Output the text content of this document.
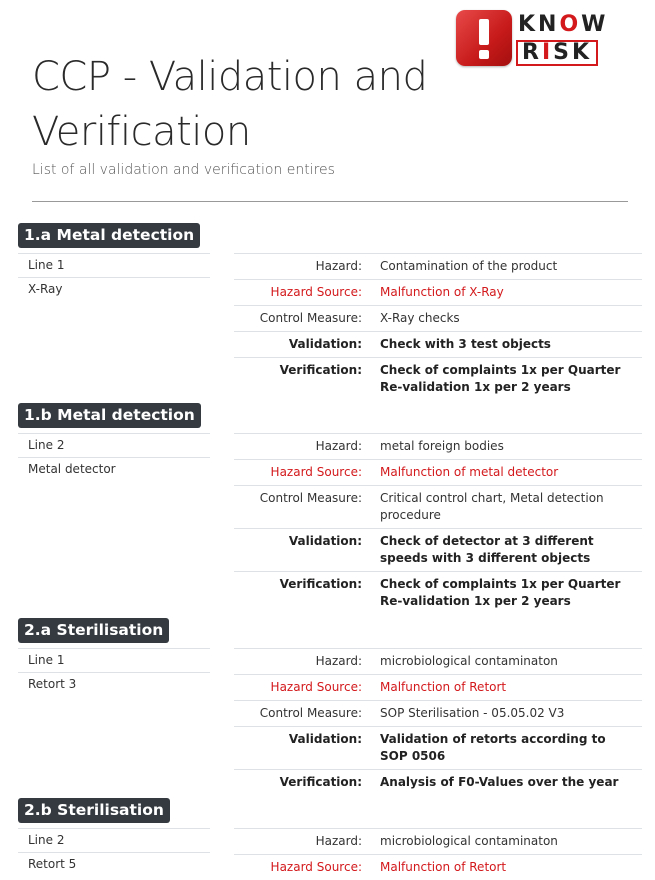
KNOW
RISK
CCP - Validation and Verification
List of all validation and verification entires
1.a Metal detection
Line 1
X-Ray
Hazard:	Contamination of the product
Hazard Source:	Malfunction of X-Ray
Control Measure:	X-Ray checks
Validation:	Check with 3 test objects
Verification:	Check of complaints 1x per Quarter Re-validation 1x per 2 years
1.b Metal detection
Line 2
Metal detector
Hazard:	metal foreign bodies
Hazard Source:	Malfunction of metal detector
Control Measure:	Critical control chart, Metal detection procedure
Validation:	Check of detector at 3 different speeds with 3 different objects
Verification:	Check of complaints 1x per Quarter Re-validation 1x per 2 years
2.a Sterilisation
Line 1
Retort 3
Hazard:	microbiological contaminaton
Hazard Source:	Malfunction of Retort
Control Measure:	SOP Sterilisation - 05.05.02 V3
Validation:	Validation of retorts according to SOP 0506
Verification:	Analysis of F0-Values over the year
2.b Sterilisation
Line 2
Retort 5
Hazard:	microbiological contaminaton
Hazard Source:	Malfunction of Retort
